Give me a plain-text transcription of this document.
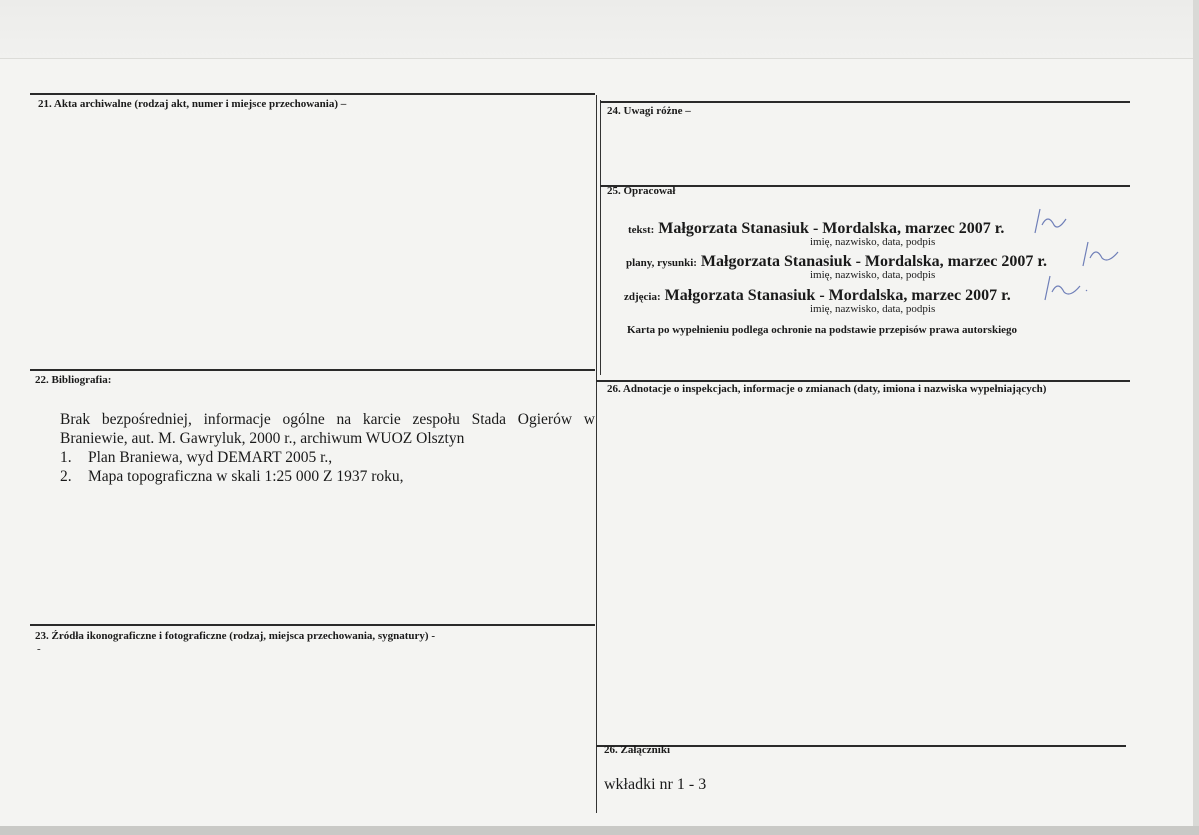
21. Akta archiwalne (rodzaj akt, numer i miejsce przechowania) –
22. Bibliografia:
Brak bezpośredniej, informacje ogólne na karcie zespołu Stada Ogierów w Braniewie, aut. M. Gawryluk, 2000 r., archiwum WUOZ Olsztyn
1.	Plan Braniewa, wyd DEMART 2005 r.,
2.	Mapa topograficzna w skali 1:25 000 Z 1937 roku,
23. Źródła ikonograficzne i fotograficzne (rodzaj, miejsca przechowania, sygnatury) -
-
24. Uwagi różne –
25. Opracował
tekst: Małgorzata Stanasiuk - Mordalska, marzec 2007 r.
imię, nazwisko, data, podpis
plany, rysunki: Małgorzata Stanasiuk - Mordalska, marzec 2007 r.
imię, nazwisko, data, podpis
zdjęcia: Małgorzata Stanasiuk - Mordalska, marzec 2007 r.
imię, nazwisko, data, podpis
Karta po wypełnieniu podlega ochronie na podstawie przepisów prawa autorskiego
26. Adnotacje o inspekcjach, informacje o zmianach (daty, imiona i nazwiska wypełniających)
26. Załączniki
wkładki nr 1 - 3
